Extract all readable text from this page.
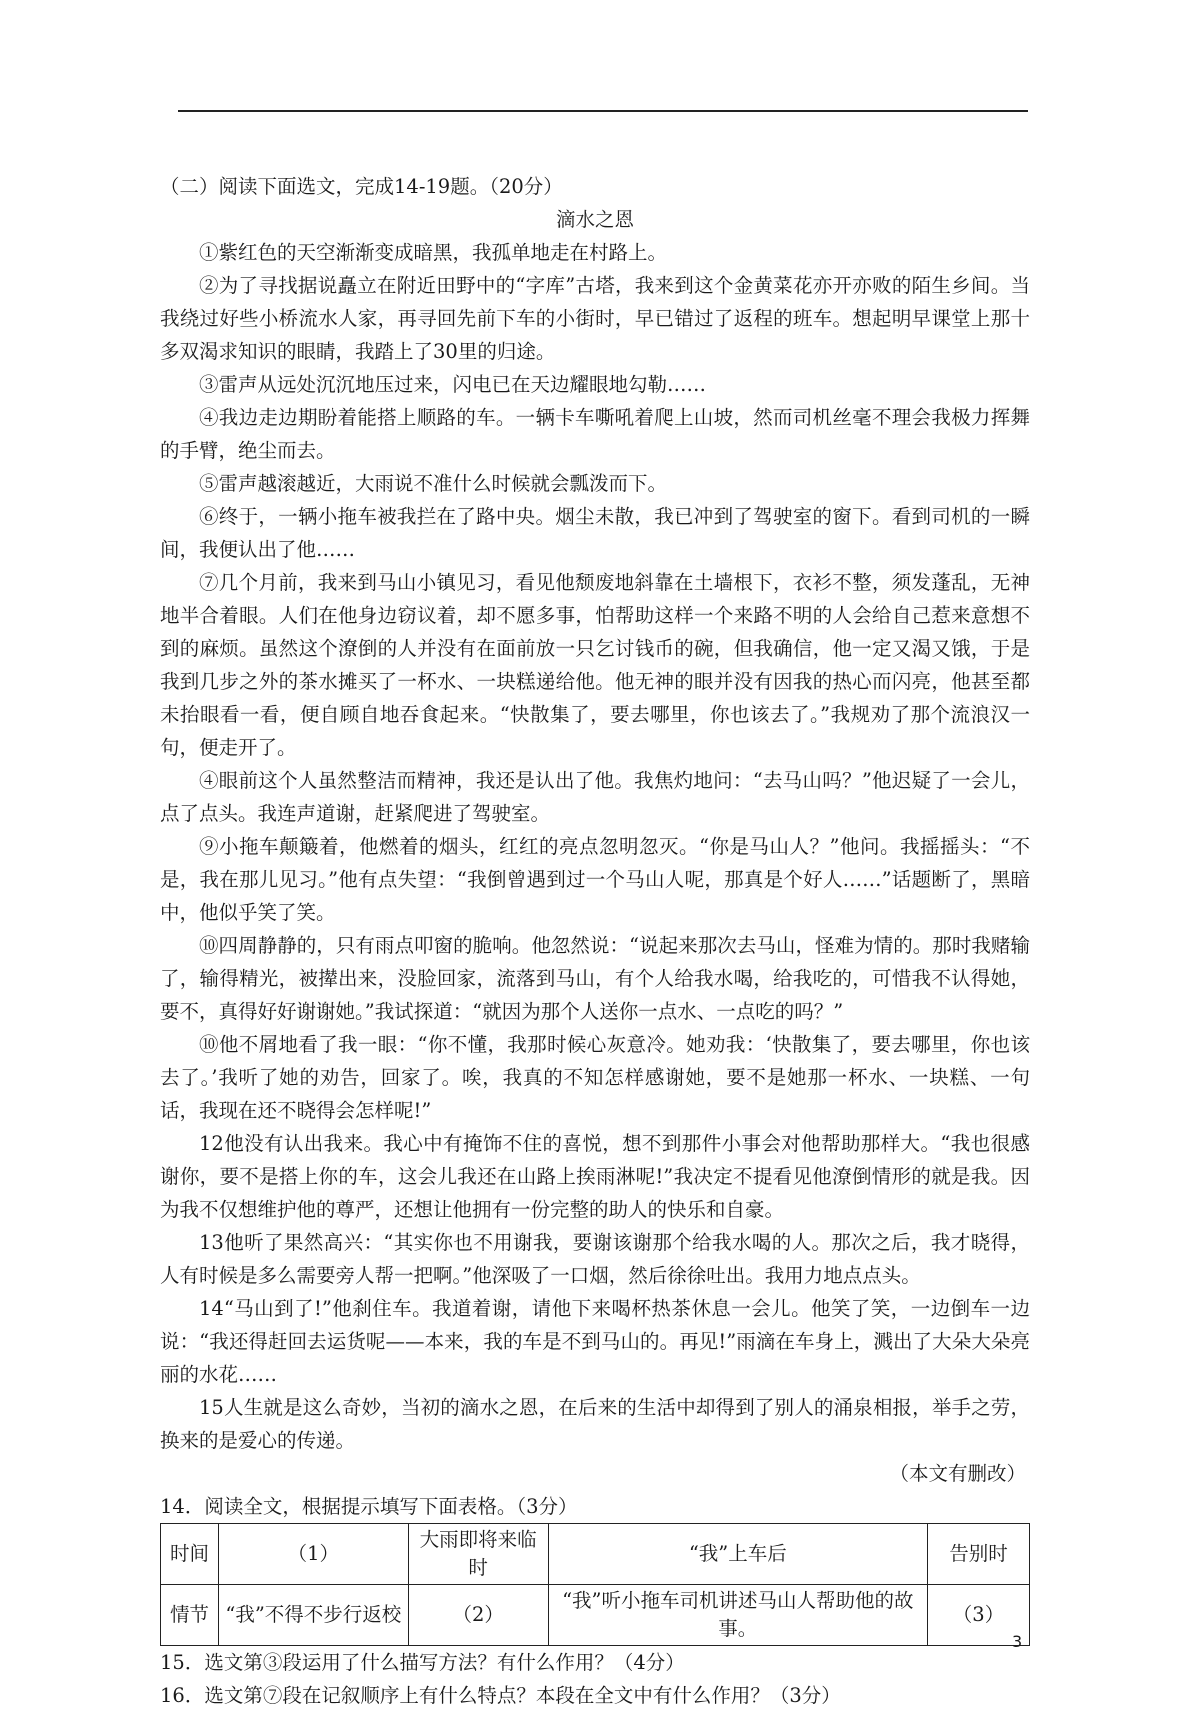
（二）阅读下面选文，完成14-19题。（20分）

滴水之恩

①紫红色的天空渐渐变成暗黑，我孤单地走在村路上。

②为了寻找据说矗立在附近田野中的“字库”古塔，我来到这个金黄菜花亦开亦败的陌生乡间。当我绕过好些小桥流水人家，再寻回先前下车的小街时，早已错过了返程的班车。想起明早课堂上那十多双渴求知识的眼睛，我踏上了30里的归途。

③雷声从远处沉沉地压过来，闪电已在天边耀眼地勾勒……

④我边走边期盼着能搭上顺路的车。一辆卡车嘶吼着爬上山坡，然而司机丝毫不理会我极力挥舞的手臂，绝尘而去。

⑤雷声越滚越近，大雨说不准什么时候就会瓢泼而下。

⑥终于，一辆小拖车被我拦在了路中央。烟尘未散，我已冲到了驾驶室的窗下。看到司机的一瞬间，我便认出了他……

⑦几个月前，我来到马山小镇见习，看见他颓废地斜靠在土墙根下，衣衫不整，须发蓬乱，无神地半合着眼。人们在他身边窃议着，却不愿多事，怕帮助这样一个来路不明的人会给自己惹来意想不到的麻烦。虽然这个潦倒的人并没有在面前放一只乞讨钱币的碗，但我确信，他一定又渴又饿，于是我到几步之外的茶水摊买了一杯水、一块糕递给他。他无神的眼并没有因我的热心而闪亮，他甚至都未抬眼看一看，便自顾自地吞食起来。“快散集了，要去哪里，你也该去了。”我规劝了那个流浪汉一句，便走开了。

④眼前这个人虽然整洁而精神，我还是认出了他。我焦灼地问：“去马山吗？”他迟疑了一会儿，点了点头。我连声道谢，赶紧爬进了驾驶室。

⑨小拖车颠簸着，他燃着的烟头，红红的亮点忽明忽灭。“你是马山人？”他问。我摇摇头：“不是，我在那儿见习。”他有点失望：“我倒曾遇到过一个马山人呢，那真是个好人……”话题断了，黑暗中，他似乎笑了笑。

⑩四周静静的，只有雨点叩窗的脆响。他忽然说：“说起来那次去马山，怪难为情的。那时我赌输了，输得精光，被撵出来，没脸回家，流落到马山，有个人给我水喝，给我吃的，可惜我不认得她，要不，真得好好谢谢她。”我试探道：“就因为那个人送你一点水、一点吃的吗？”

⑩他不屑地看了我一眼：“你不懂，我那时候心灰意冷。她劝我：‘快散集了，要去哪里，你也该去了。’我听了她的劝告，回家了。唉，我真的不知怎样感谢她，要不是她那一杯水、一块糕、一句话，我现在还不晓得会怎样呢!”

12他没有认出我来。我心中有掩饰不住的喜悦，想不到那件小事会对他帮助那样大。“我也很感谢你，要不是搭上你的车，这会儿我还在山路上挨雨淋呢!”我决定不提看见他潦倒情形的就是我。因为我不仅想维护他的尊严，还想让他拥有一份完整的助人的快乐和自豪。

13他听了果然高兴：“其实你也不用谢我，要谢该谢那个给我水喝的人。那次之后，我才晓得，人有时候是多么需要旁人帮一把啊。”他深吸了一口烟，然后徐徐吐出。我用力地点点头。

14“马山到了!”他刹住车。我道着谢，请他下来喝杯热茶休息一会儿。他笑了笑，一边倒车一边说：“我还得赶回去运货呢——本来，我的车是不到马山的。再见!”雨滴在车身上，溅出了大朵大朵亮丽的水花……

15人生就是这么奇妙，当初的滴水之恩，在后来的生活中却得到了别人的涌泉相报，举手之劳，换来的是爱心的传递。

（本文有删改）

14．阅读全文，根据提示填写下面表格。（3分）

时间	（1）	大雨即将来临时	“我”上车后	告别时
情节	“我”不得不步行返校	（2）	“我”听小拖车司机讲述马山人帮助他的故事。	（3）

15．选文第③段运用了什么描写方法？有什么作用？（4分）

16．选文第⑦段在记叙顺序上有什么特点？本段在全文中有什么作用？（3分）

3
